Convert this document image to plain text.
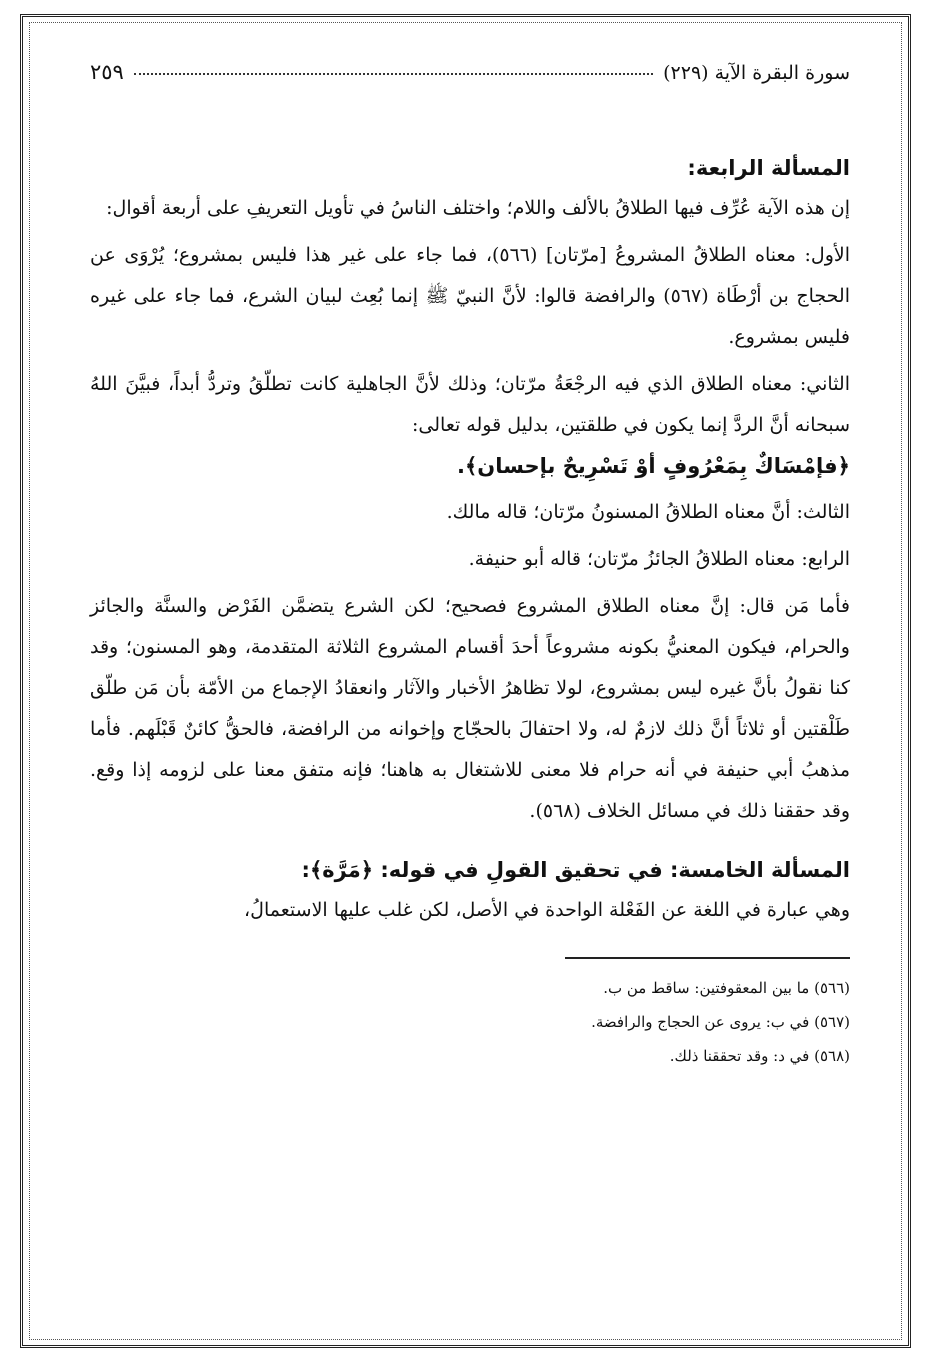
سورة البقرة الآية (٢٢٩)
٢٥٩
المسألة الرابعة:

إن هذه الآية عُرِّف فيها الطلاقُ بالألف واللام؛ واختلف الناسُ في تأويل التعريفِ على أربعة أقوال:

الأول: معناه الطلاقُ المشروعُ [مرّتان] (٥٦٦)، فما جاء على غير هذا فليس بمشروع؛ يُرْوَى عن الحجاج بن أرْطَاة (٥٦٧) والرافضة قالوا: لأنَّ النبيّ ﷺ إنما بُعِث لبيان الشرع، فما جاء على غيره فليس بمشروع.

الثاني: معناه الطلاق الذي فيه الرجْعَةُ مرّتان؛ وذلك لأنَّ الجاهلية كانت تطلّقُ وتردُّ أبداً، فبيَّنَ اللهُ سبحانه أنَّ الردَّ إنما يكون في طلقتين، بدليل قوله تعالى:

﴿فإمْسَاكٌ بِمَعْرُوفٍ أوْ تَسْرِيحٌ بإحسان﴾.

الثالث: أنَّ معناه الطلاقُ المسنونُ مرّتان؛ قاله مالك.

الرابع: معناه الطلاقُ الجائزُ مرّتان؛ قاله أبو حنيفة.

فأما مَن قال: إنَّ معناه الطلاق المشروع فصحيح؛ لكن الشرع يتضمَّن الفَرْض والسنَّة والجائز والحرام، فيكون المعنيُّ بكونه مشروعاً أحدَ أقسام المشروع الثلاثة المتقدمة، وهو المسنون؛ وقد كنا نقولُ بأنَّ غيره ليس بمشروع، لولا تظاهرُ الأخبار والآثار وانعقادُ الإجماع من الأمّة بأن مَن طلّق طَلْقتين أو ثلاثاً أنَّ ذلك لازمٌ له، ولا احتفالَ بالحجّاج وإخوانه من الرافضة، فالحقُّ كائنٌ قَبْلَهم. فأما مذهبُ أبي حنيفة في أنه حرام فلا معنى للاشتغال به هاهنا؛ فإنه متفق معنا على لزومه إذا وقع. وقد حققنا ذلك في مسائل الخلاف (٥٦٨).

المسألة الخامسة: في تحقيق القولِ في قوله: ﴿مَرَّة﴾:

وهي عبارة في اللغة عن الفَعْلة الواحدة في الأصل، لكن غلب عليها الاستعمالُ،

(٥٦٦) ما بين المعقوفتين: ساقط من ب.

(٥٦٧) في ب: يروى عن الحجاج والرافضة.

(٥٦٨) في د: وقد تحققنا ذلك.
